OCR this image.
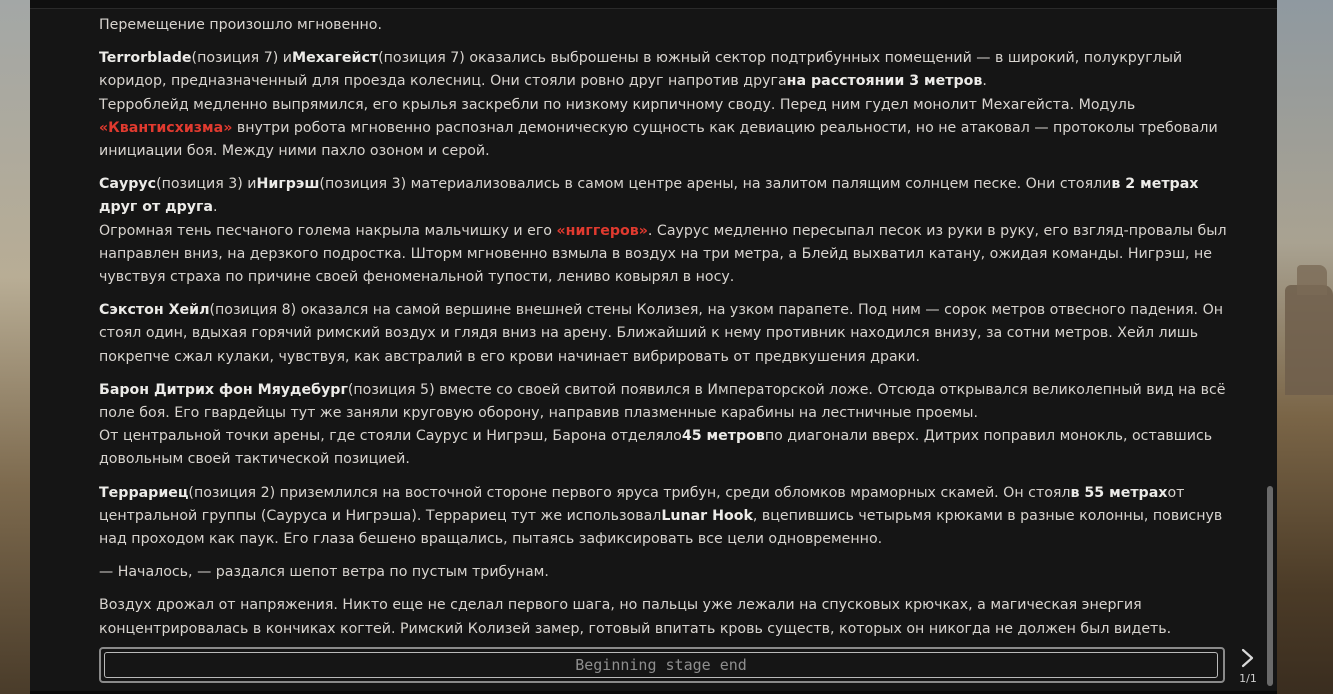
Перемещение произошло мгновенно.

Terrorblade(позиция 7) иМехагейст(позиция 7) оказались выброшены в южный сектор подтрибунных помещений — в широкий, полукруглый коридор, предназначенный для проезда колесниц. Они стояли ровно друг напротив другана расстоянии 3 метров.
Терроблейд медленно выпрямился, его крылья заскребли по низкому кирпичному своду. Перед ним гудел монолит Мехагейста. Модуль «Квантисхизма» внутри робота мгновенно распознал демоническую сущность как девиацию реальности, но не атаковал — протоколы требовали инициации боя. Между ними пахло озоном и серой.

Саурус(позиция 3) иНигрэш(позиция 3) материализовались в самом центре арены, на залитом палящим солнцем песке. Они стоялив 2 метрах друг от друга.
Огромная тень песчаного голема накрыла мальчишку и его «ниггеров». Саурус медленно пересыпал песок из руки в руку, его взгляд-провалы был направлен вниз, на дерзкого подростка. Шторм мгновенно взмыла в воздух на три метра, а Блейд выхватил катану, ожидая команды. Нигрэш, не чувствуя страха по причине своей феноменальной тупости, лениво ковырял в носу.

Сэкстон Хейл(позиция 8) оказался на самой вершине внешней стены Колизея, на узком парапете. Под ним — сорок метров отвесного падения. Он стоял один, вдыхая горячий римский воздух и глядя вниз на арену. Ближайший к нему противник находился внизу, за сотни метров. Хейл лишь покрепче сжал кулаки, чувствуя, как австралий в его крови начинает вибрировать от предвкушения драки.

Барон Дитрих фон Мяудебург(позиция 5) вместе со своей свитой появился в Императорской ложе. Отсюда открывался великолепный вид на всё поле боя. Его гвардейцы тут же заняли круговую оборону, направив плазменные карабины на лестничные проемы.
От центральной точки арены, где стояли Саурус и Нигрэш, Барона отделяло45 метровпо диагонали вверх. Дитрих поправил монокль, оставшись довольным своей тактической позицией.

Террариец(позиция 2) приземлился на восточной стороне первого яруса трибун, среди обломков мраморных скамей. Он стоялв 55 метрахот центральной группы (Сауруса и Нигрэша). Террариец тут же использовалLunar Hook, вцепившись четырьмя крюками в разные колонны, повиснув над проходом как паук. Его глаза бешено вращались, пытаясь зафиксировать все цели одновременно.

— Началось, — раздался шепот ветра по пустым трибунам.

Воздух дрожал от напряжения. Никто еще не сделал первого шага, но пальцы уже лежали на спусковых крючках, а магическая энергия концентрировалась в кончиках когтей. Римский Колизей замер, готовый впитать кровь существ, которых он никогда не должен был видеть.

Beginning stage end
1/1
